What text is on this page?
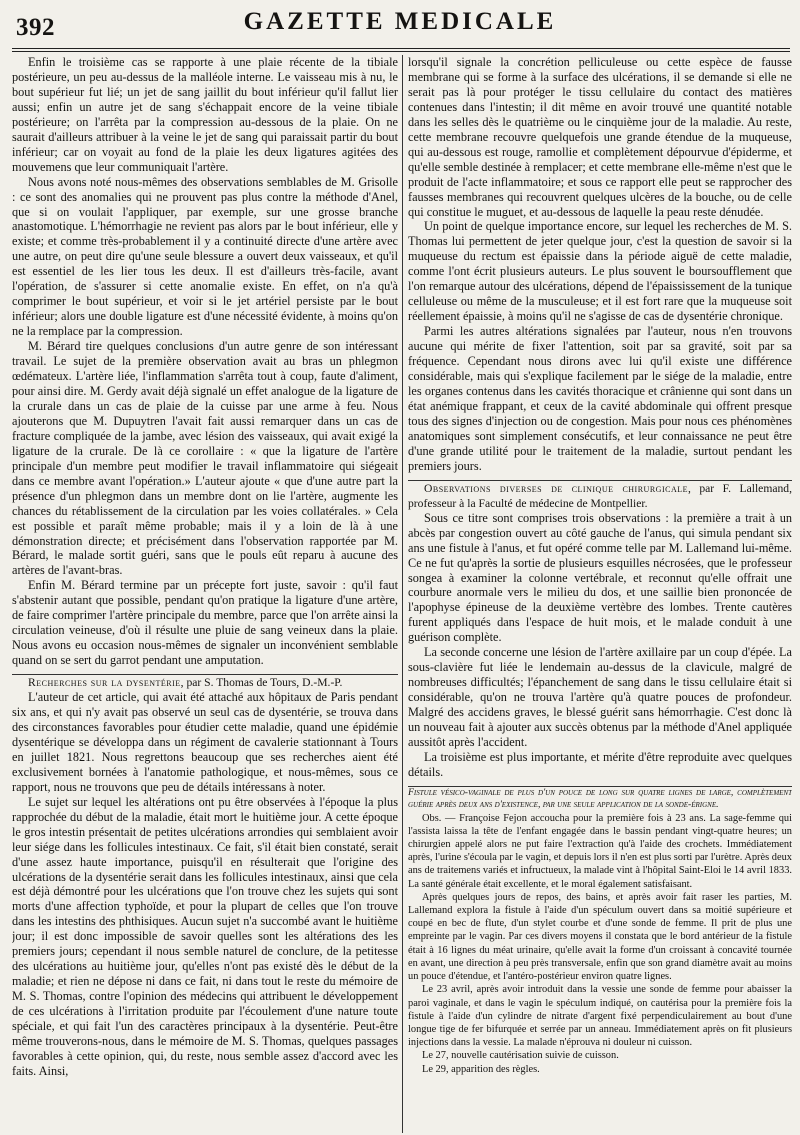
392	GAZETTE MEDICALE

Enfin le troisième cas se rapporte à une plaie récente de la tibiale postérieure, un peu au-dessus de la malléole interne. Le vaisseau mis à nu, le bout supérieur fut lié; un jet de sang jaillit du bout inférieur qu'il fallut lier aussi; enfin un autre jet de sang s'échappait encore de la veine tibiale postérieure; on l'arrêta par la compression au-dessous de la plaie. On ne saurait d'ailleurs attribuer à la veine le jet de sang qui paraissait partir du bout inférieur; car on voyait au fond de la plaie les deux ligatures agitées des mouvemens que leur communiquait l'artère.

Nous avons noté nous-mêmes des observations semblables de M. Grisolle : ce sont des anomalies qui ne prouvent pas plus contre la méthode d'Anel, que si on voulait l'appliquer, par exemple, sur une grosse branche anastomotique. L'hémorrhagie ne revient pas alors par le bout inférieur, elle y existe; et comme très-probablement il y a continuité directe d'une artère avec une autre, on peut dire qu'une seule blessure a ouvert deux vaisseaux, et qu'il est essentiel de les lier tous les deux. Il est d'ailleurs très-facile, avant l'opération, de s'assurer si cette anomalie existe. En effet, on n'a qu'à comprimer le bout supérieur, et voir si le jet artériel persiste par le bout inférieur; alors une double ligature est d'une nécessité évidente, à moins qu'on ne la remplace par la compression.

M. Bérard tire quelques conclusions d'un autre genre de son intéressant travail. Le sujet de la première observation avait au bras un phlegmon œdémateux. L'artère liée, l'inflammation s'arrêta tout à coup, faute d'aliment, pour ainsi dire. M. Gerdy avait déjà signalé un effet analogue de la ligature de la crurale dans un cas de plaie de la cuisse par une arme à feu. Nous ajouterons que M. Dupuytren l'avait fait aussi remarquer dans un cas de fracture compliquée de la jambe, avec lésion des vaisseaux, qui avait exigé la ligature de la crurale. De là ce corollaire : « que la ligature de l'artère principale d'un membre peut modifier le travail inflammatoire qui siégeait dans ce membre avant l'opération.» L'auteur ajoute « que d'une autre part la présence d'un phlegmon dans un membre dont on lie l'artère, augmente les chances du rétablissement de la circulation par les voies collatérales. » Cela est possible et paraît même probable; mais il y a loin de là à une démonstration directe; et précisément dans l'observation rapportée par M. Bérard, le malade sortit guéri, sans que le pouls eût reparu à aucune des artères de l'avant-bras.

Enfin M. Bérard termine par un précepte fort juste, savoir : qu'il faut s'abstenir autant que possible, pendant qu'on pratique la ligature d'une artère, de faire comprimer l'artère principale du membre, parce que l'on arrête ainsi la circulation veineuse, d'où il résulte une pluie de sang veineux dans la plaie. Nous avons eu occasion nous-mêmes de signaler un inconvénient semblable quand on se sert du garrot pendant une amputation.

Recherches sur la dysentérie, par S. Thomas de Tours, D.-M.-P.

L'auteur de cet article, qui avait été attaché aux hôpitaux de Paris pendant six ans, et qui n'y avait pas observé un seul cas de dysentérie, se trouva dans des circonstances favorables pour étudier cette maladie, quand une épidémie dysentérique se développa dans un régiment de cavalerie stationnant à Tours en juillet 1821. Nous regrettons beaucoup que ses recherches aient été exclusivement bornées à l'anatomie pathologique, et nous-mêmes, sous ce rapport, nous ne trouvons que peu de détails intéressans à noter.

Le sujet sur lequel les altérations ont pu être observées à l'époque la plus rapprochée du début de la maladie, était mort le huitième jour. A cette époque le gros intestin présentait de petites ulcérations arrondies qui semblaient avoir leur siége dans les follicules intestinaux. Ce fait, s'il était bien constaté, serait d'une assez haute importance, puisqu'il en résulterait que l'origine des ulcérations de la dysentérie serait dans les follicules intestinaux, ainsi que cela est déjà démontré pour les ulcérations que l'on trouve chez les sujets qui sont morts d'une affection typhoïde, et pour la plupart de celles que l'on trouve dans les intestins des phthisiques. Aucun sujet n'a succombé avant le huitième jour; il est donc impossible de savoir quelles sont les altérations des les premiers jours; cependant il nous semble naturel de conclure, de la petitesse des ulcérations au huitième jour, qu'elles n'ont pas existé dès le début de la maladie; et rien ne dépose ni dans ce fait, ni dans tout le reste du mémoire de M. S. Thomas, contre l'opinion des médecins qui attribuent le développement de ces ulcérations à l'irritation produite par l'écoulement d'une nature toute spéciale, et qui fait l'un des caractères principaux à la dysentérie. Peut-être même trouverons-nous, dans le mémoire de M. S. Thomas, quelques passages favorables à cette opinion, qui, du reste, nous semble assez d'accord avec les faits. Ainsi,

lorsqu'il signale la concrétion pelliculeuse ou cette espèce de fausse membrane qui se forme à la surface des ulcérations, il se demande si elle ne serait pas là pour protéger le tissu cellulaire du contact des matières contenues dans l'intestin; il dit même en avoir trouvé une quantité notable dans les selles dès le quatrième ou le cinquième jour de la maladie. Au reste, cette membrane recouvre quelquefois une grande étendue de la muqueuse, qui au-dessous est rouge, ramollie et complètement dépourvue d'épiderme, et qu'elle semble destinée à remplacer; et cette membrane elle-même n'est que le produit de l'acte inflammatoire; et sous ce rapport elle peut se rapprocher des fausses membranes qui recouvrent quelques ulcères de la bouche, ou de celle qui constitue le muguet, et au-dessous de laquelle la peau reste dénudée.

Un point de quelque importance encore, sur lequel les recherches de M. S. Thomas lui permettent de jeter quelque jour, c'est la question de savoir si la muqueuse du rectum est épaissie dans la période aiguë de cette maladie, comme l'ont écrit plusieurs auteurs. Le plus souvent le boursoufflement que l'on remarque autour des ulcérations, dépend de l'épaississement de la tunique celluleuse ou même de la musculeuse; et il est fort rare que la muqueuse soit réellement épaissie, à moins qu'il ne s'agisse de cas de dysentérie chronique.

Parmi les autres altérations signalées par l'auteur, nous n'en trouvons aucune qui mérite de fixer l'attention, soit par sa gravité, soit par sa fréquence. Cependant nous dirons avec lui qu'il existe une différence considérable, mais qui s'explique facilement par le siége de la maladie, entre les organes contenus dans les cavités thoracique et crânienne qui sont dans un état anémique frappant, et ceux de la cavité abdominale qui offrent presque tous des signes d'injection ou de congestion. Mais pour nous ces phénomènes anatomiques sont simplement consécutifs, et leur connaissance ne peut être d'une grande utilité pour le traitement de la maladie, surtout pendant les premiers jours.

Observations diverses de clinique chirurgicale, par F. Lallemand, professeur à la Faculté de médecine de Montpellier.

Sous ce titre sont comprises trois observations : la première a trait à un abcès par congestion ouvert au côté gauche de l'anus, qui simula pendant six ans une fistule à l'anus, et fut opéré comme telle par M. Lallemand lui-même. Ce ne fut qu'après la sortie de plusieurs esquilles nécrosées, que le professeur songea à examiner la colonne vertébrale, et reconnut qu'elle offrait une courbure anormale vers le milieu du dos, et une saillie bien prononcée de l'apophyse épineuse de la deuxième vertèbre des lombes. Trente cautères furent appliqués dans l'espace de huit mois, et le malade conduit à une guérison complète.

La seconde concerne une lésion de l'artère axillaire par un coup d'épée. La sous-clavière fut liée le lendemain au-dessus de la clavicule, malgré de nombreuses difficultés; l'épanchement de sang dans le tissu cellulaire était si considérable, qu'on ne trouva l'artère qu'à quatre pouces de profondeur. Malgré des accidens graves, le blessé guérit sans hémorrhagie. C'est donc là un nouveau fait à ajouter aux succès obtenus par la méthode d'Anel appliquée aussitôt après l'accident.

La troisième est plus importante, et mérite d'être reproduite avec quelques détails.

Fistule vésico-vaginale de plus d'un pouce de long sur quatre lignes de large, complètement guérie après deux ans d'existence, par une seule application de la sonde-érigne.

Obs. — Françoise Fejon accoucha pour la première fois à 23 ans. La sage-femme qui l'assista laissa la tête de l'enfant engagée dans le bassin pendant vingt-quatre heures; un chirurgien appelé alors ne put faire l'extraction qu'à l'aide des crochets. Immédiatement après, l'urine s'écoula par le vagin, et depuis lors il n'en est plus sorti par l'urètre. Après deux ans de traitemens variés et infructueux, la malade vint à l'hôpital Saint-Eloi le 14 avril 1833. La santé générale était excellente, et le moral également satisfaisant.

Après quelques jours de repos, des bains, et après avoir fait raser les parties, M. Lallemand explora la fistule à l'aide d'un spéculum ouvert dans sa moitié supérieure et coupé en bec de flute, d'un stylet courbe et d'une sonde de femme. Il prit de plus une empreinte par le vagin. Par ces divers moyens il constata que le bord antérieur de la fistule était à 16 lignes du méat urinaire, qu'elle avait la forme d'un croissant à concavité tournée en avant, une direction à peu près transversale, enfin que son grand diamètre avait au moins un pouce d'étendue, et l'antéro-postérieur environ quatre lignes.

Le 23 avril, après avoir introduit dans la vessie une sonde de femme pour abaisser la paroi vaginale, et dans le vagin le spéculum indiqué, on cautérisa pour la première fois la fistule à l'aide d'un cylindre de nitrate d'argent fixé perpendiculairement au bout d'une longue tige de fer bifurquée et serrée par un anneau. Immédiatement après on fit plusieurs injections dans la vessie. La malade n'éprouva ni douleur ni cuisson.

Le 27, nouvelle cautérisation suivie de cuisson.

Le 29, apparition des règles.
